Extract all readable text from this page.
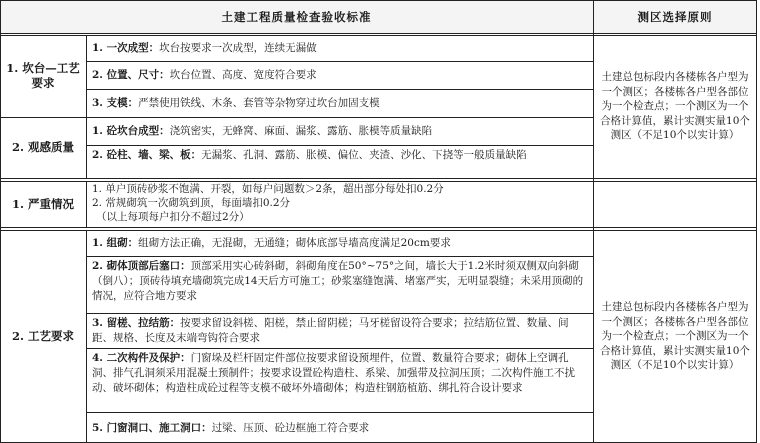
土建工程质量检查验收标准	测区选择原则
1. 坎台—工艺要求
1. 一次成型： 坎台按要求一次成型，连续无漏做
2. 位置、尺寸： 坎台位置、高度、宽度符合要求
3. 支模： 严禁使用铁线、木条、套管等杂物穿过坎台加固支模
2. 观感质量
1. 砼坎台成型： 浇筑密实，无蜂窝、麻面、漏浆、露筋、胀模等质量缺陷
2. 砼柱、墙、梁、板：无漏浆、孔洞、露筋、胀模、偏位、夹渣、沙化、下挠等一般质量缺陷
土建总包标段内各楼栋各户型为一个测区；各楼栋各户型各部位为一个检查点；一个测区为一个合格计算值，累计实测实量10个测区（不足10个以实计算）
1. 严重情况
1. 单户顶砖砂浆不饱满、开裂，如每户问题数＞2条，超出部分每处扣0.2分
2. 常规砌筑一次砌筑到顶，每面墙扣0.2分
（以上每项每户扣分不超过2分）
2. 工艺要求
1. 组砌： 组砌方法正确，无混砌，无通缝；砌体底部导墙高度满足20cm要求
2. 砌体顶部后塞口：顶部采用实心砖斜砌，斜砌角度在50°~75°之间，墙长大于1.2米时须双侧双向斜砌（倒八）；顶砖待填充墙砌筑完成14天后方可施工；砂浆塞缝饱满、堵塞严实，无明显裂缝；未采用顶砌的情况，应符合地方要求
3. 留槎、拉结筋：按要求留设斜槎、阳槎，禁止留阴槎；马牙槎留设符合要求；拉结筋位置、数量、间距、规格、长度及末端弯钩符合要求
4. 二次构件及保护：门窗垛及栏杆固定件部位按要求留设预埋件，位置、数量符合要求；砌体上空调孔洞、排气孔洞须采用混凝土预制件；按要求设置砼构造柱、系梁、加强带及拉洞压顶；二次构件施工不扰动、破坏砌体；构造柱成砼过程等支模不破坏外墙砌体；构造柱钢筋植筋、绑扎符合设计要求
5. 门窗洞口、施工洞口： 过梁、压顶、砼边框施工符合要求
土建总包标段内各楼栋各户型为一个测区；各楼栋各户型各部位为一个检查点；一个测区为一个合格计算值，累计实测实量10个测区（不足10个以实计算）
